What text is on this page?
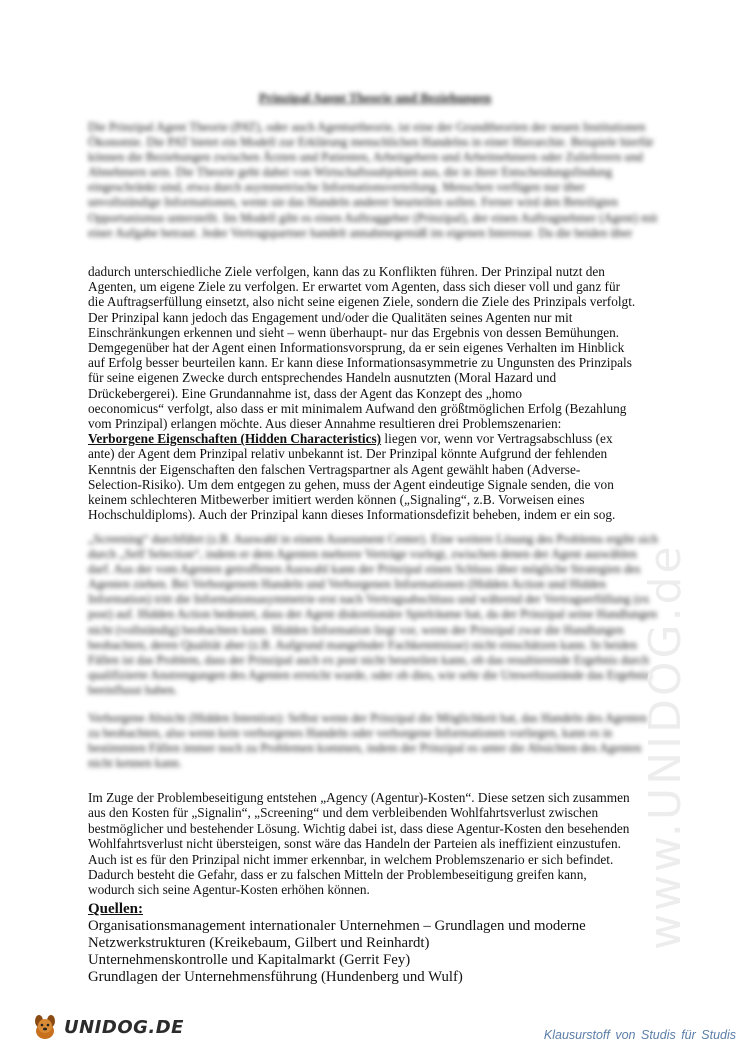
Prinzipal Agent Theorie und Beziehungen
Die Prinzipal Agent Theorie (PAT), oder auch Agenturtheorie, ist eine der Grundtheorien der neuen Institutionen Ökonomie. Die PAT bietet ein Modell zur Erklärung menschlichen Handelns in einer Hierarchie. Beispiele hierfür können die Beziehungen zwischen Ärzten und Patienten, Arbeitgebern und Arbeitnehmern oder Zulieferern und Abnehmern sein. Die Theorie geht dabei von Wirtschaftssubjekten aus, die in ihrer Entscheidungsfindung eingeschränkt sind, etwa durch asymmetrische Informationsverteilung. Menschen verfügen nur über unvollständige Informationen, wenn sie das Handeln anderer beurteilen sollen. Ferner wird den Beteiligten Opportunismus unterstellt. Im Modell gibt es einen Auftraggeber (Prinzipal), der einen Auftragnehmer (Agent) mit einer Aufgabe betraut. Jeder Vertragspartner handelt annahmegemäß im eigenen Interesse. Da die beiden über
dadurch unterschiedliche Ziele verfolgen, kann das zu Konflikten führen. Der Prinzipal nutzt den
Agenten, um eigene Ziele zu verfolgen. Er erwartet vom Agenten, dass sich dieser voll und ganz für
die Auftragserfüllung einsetzt, also nicht seine eigenen Ziele, sondern die Ziele des Prinzipals verfolgt.
Der Prinzipal kann jedoch das Engagement und/oder die Qualitäten seines Agenten nur mit
Einschränkungen erkennen und sieht – wenn überhaupt- nur das Ergebnis von dessen Bemühungen.
Demgegenüber hat der Agent einen Informationsvorsprung, da er sein eigenes Verhalten im Hinblick
auf Erfolg besser beurteilen kann. Er kann diese Informationsasymmetrie zu Ungunsten des Prinzipals
für seine eigenen Zwecke durch entsprechendes Handeln ausnutzten (Moral Hazard und
Drückebergerei). Eine Grundannahme ist, dass der Agent das Konzept des „homo
oeconomicus“ verfolgt, also dass er mit minimalem Aufwand den größtmöglichen Erfolg (Bezahlung
vom Prinzipal) erlangen möchte. Aus dieser Annahme resultieren drei Problemszenarien:
Verborgene Eigenschaften (Hidden Characteristics) liegen vor, wenn vor Vertragsabschluss (ex
ante) der Agent dem Prinzipal relativ unbekannt ist. Der Prinzipal könnte Aufgrund der fehlenden
Kenntnis der Eigenschaften den falschen Vertragspartner als Agent gewählt haben (Adverse-
Selection-Risiko). Um dem entgegen zu gehen, muss der Agent eindeutige Signale senden, die von
keinem schlechteren Mitbewerber imitiert werden können („Signaling“, z.B. Vorweisen eines
Hochschuldiploms). Auch der Prinzipal kann dieses Informationsdefizit beheben, indem er ein sog.
„Screening“ durchführt (z.B. Auswahl in einem Assessment Center). Eine weitere Lösung des Problems ergibt sich durch „Self Selection“, indem er dem Agenten mehrere Verträge vorlegt, zwischen denen der Agent auswählen darf. Aus der vom Agenten getroffenen Auswahl kann der Prinzipal einen Schluss über mögliche Strategien des Agenten ziehen. Bei Verborgenem Handeln und Verborgenen Informationen (Hidden Action und Hidden Information) tritt die Informationsasymmetrie erst nach Vertragsabschluss und während der Vertragserfüllung (ex post) auf. Hidden Action bedeutet, dass der Agent diskretionäre Spielräume hat, da der Prinzipal seine Handlungen nicht (vollständig) beobachten kann. Hidden Information liegt vor, wenn der Prinzipal zwar die Handlungen beobachten, deren Qualität aber (z.B. Aufgrund mangelnder Fachkenntnisse) nicht einschätzen kann. In beiden Fällen ist das Problem, dass der Prinzipal auch ex post nicht beurteilen kann, ob das resultierende Ergebnis durch qualifizierte Anstrengungen des Agenten erreicht wurde, oder ob dies, wie sehr die Umweltzustände das Ergebnis beeinflusst haben.
Verborgene Absicht (Hidden Intention): Selbst wenn der Prinzipal die Möglichkeit hat, das Handeln des Agenten zu beobachten, also wenn kein verborgenes Handeln oder verborgene Informationen vorliegen, kann es in bestimmten Fällen immer noch zu Problemen kommen, indem der Prinzipal es unter die Absichten des Agenten nicht kennen kann.
Im Zuge der Problembeseitigung entstehen „Agency (Agentur)-Kosten“. Diese setzen sich zusammen
aus den Kosten für „Signalin“, „Screening“ und dem verbleibenden Wohlfahrtsverlust zwischen
bestmöglicher und bestehender Lösung. Wichtig dabei ist, dass diese Agentur-Kosten den besehenden
Wohlfahrtsverlust nicht übersteigen, sonst wäre das Handeln der Parteien als ineffizient einzustufen.
Auch ist es für den Prinzipal nicht immer erkennbar, in welchem Problemszenario er sich befindet.
Dadurch besteht die Gefahr, dass er zu falschen Mitteln der Problembeseitigung greifen kann,
wodurch sich seine Agentur-Kosten erhöhen können.
Quellen:
Organisationsmanagement internationaler Unternehmen – Grundlagen und moderne
Netzwerkstrukturen (Kreikebaum, Gilbert und Reinhardt)
Unternehmenskontrolle und Kapitalmarkt (Gerrit Fey)
Grundlagen der Unternehmensführung (Hundenberg und Wulf)
www.UNIDOG.de
UNIDOG.DE	Klausurstoff von Studis für Studis
